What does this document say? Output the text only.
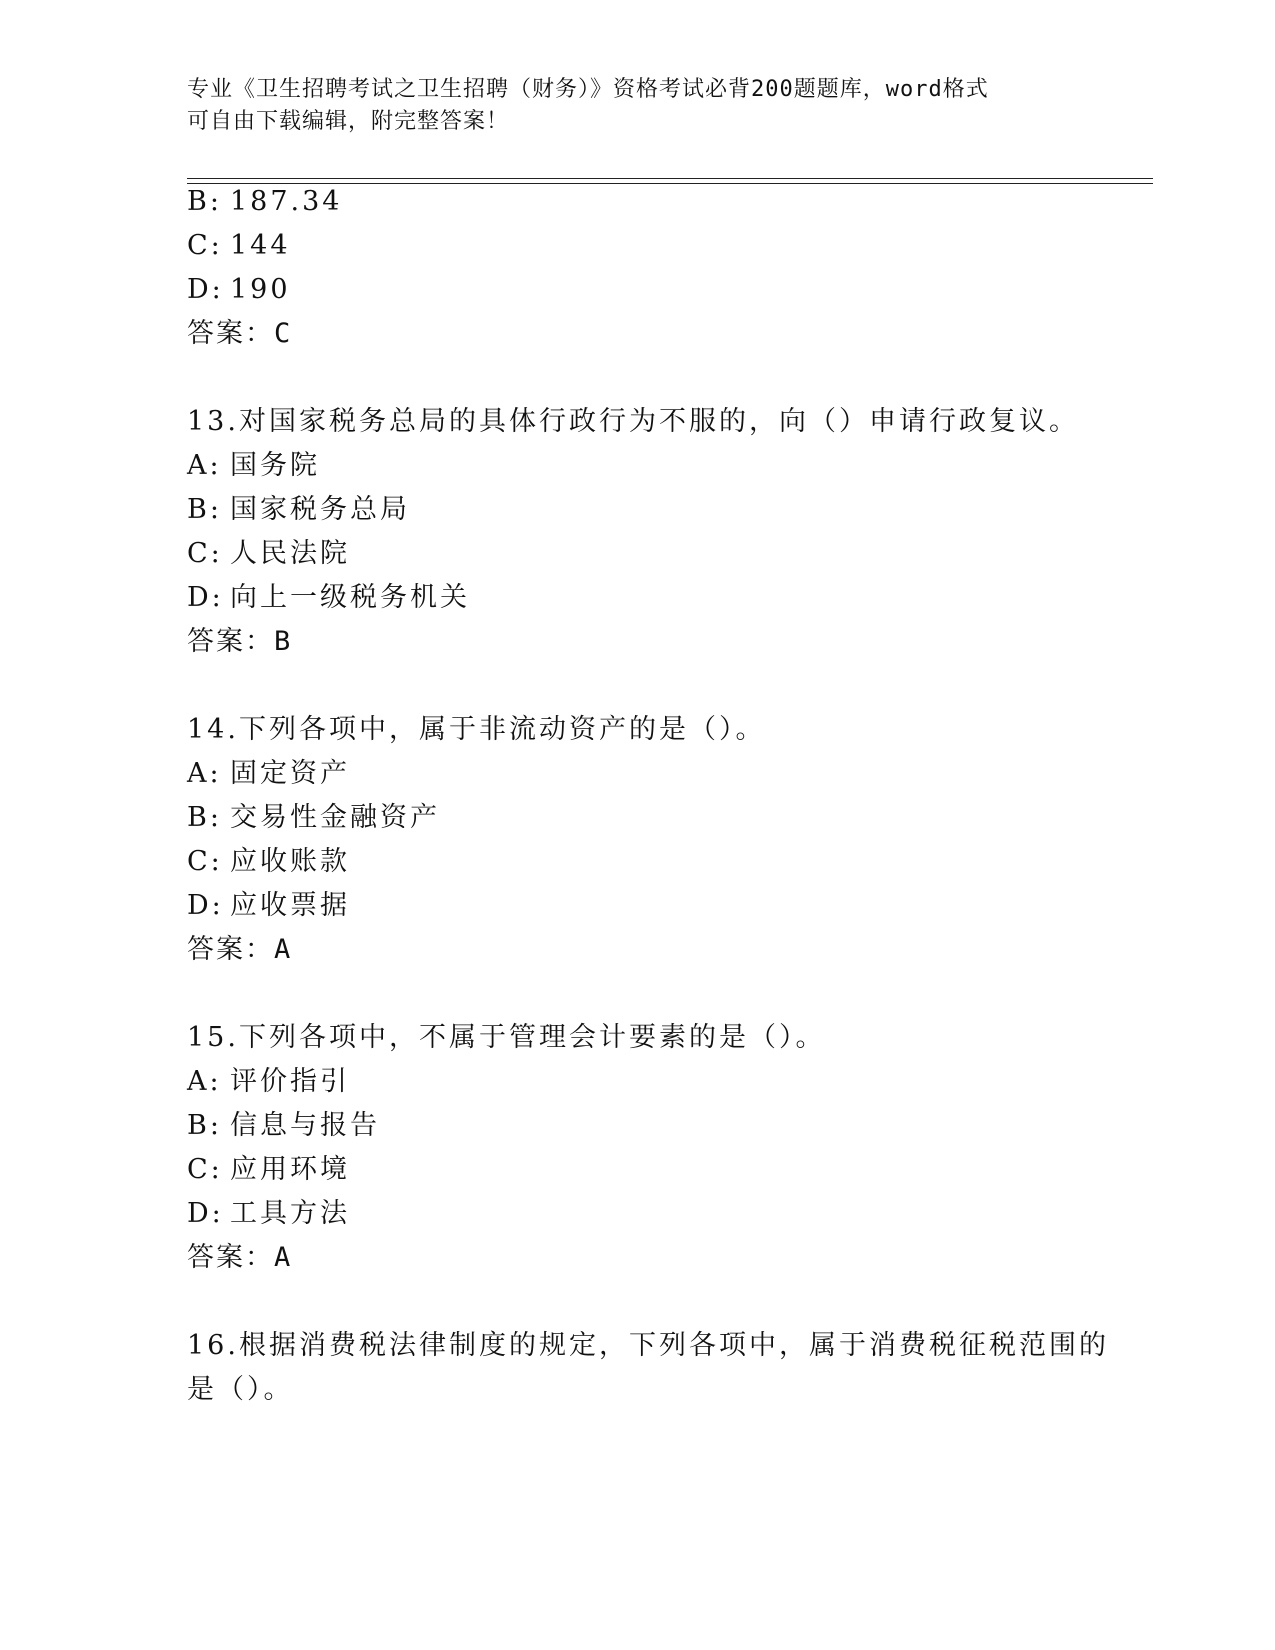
专业《卫生招聘考试之卫生招聘（财务）》资格考试必背200题题库，word格式
可自由下载编辑，附完整答案！
B: 187.34
C: 144
D: 190
答案：C
13.对国家税务总局的具体行政行为不服的，向（）申请行政复议。
A: 国务院
B: 国家税务总局
C: 人民法院
D: 向上一级税务机关
答案：B
14.下列各项中，属于非流动资产的是（）。
A: 固定资产
B: 交易性金融资产
C: 应收账款
D: 应收票据
答案：A
15.下列各项中，不属于管理会计要素的是（）。
A: 评价指引
B: 信息与报告
C: 应用环境
D: 工具方法
答案：A
16.根据消费税法律制度的规定，下列各项中，属于消费税征税范围的
是（）。
